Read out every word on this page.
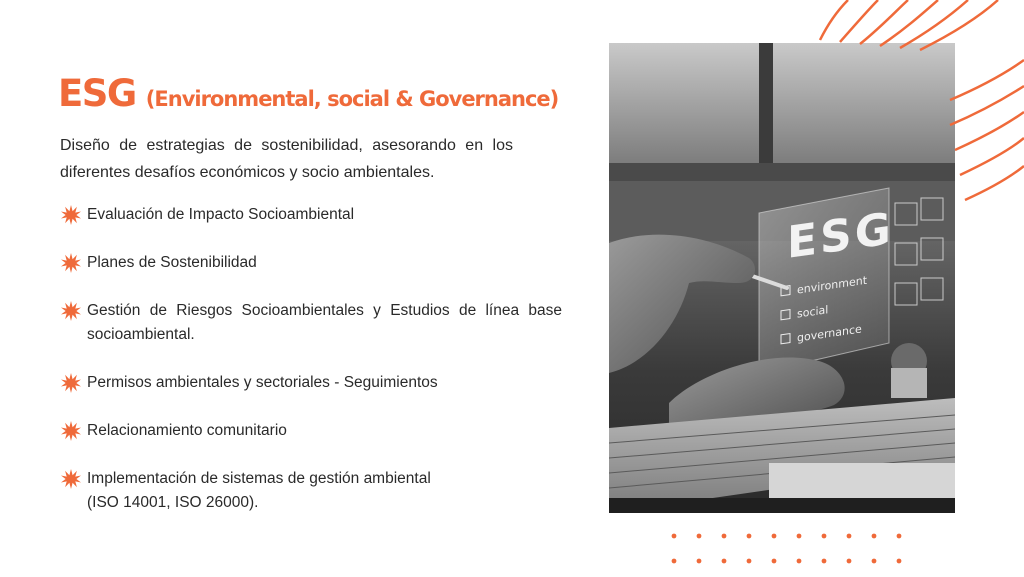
ESG (Environmental, social & Governance)

Diseño de estrategias de sostenibilidad, asesorando en los diferentes desafíos económicos y socio ambientales.

Evaluación de Impacto Socioambiental
Planes de Sostenibilidad
Gestión de Riesgos Socioambientales y Estudios de línea base socioambiental.
Permisos ambientales y sectoriales - Seguimientos
Relacionamiento comunitario
Implementación de sistemas de gestión ambiental (ISO 14001, ISO 26000).
ESG
environment
social
governance
